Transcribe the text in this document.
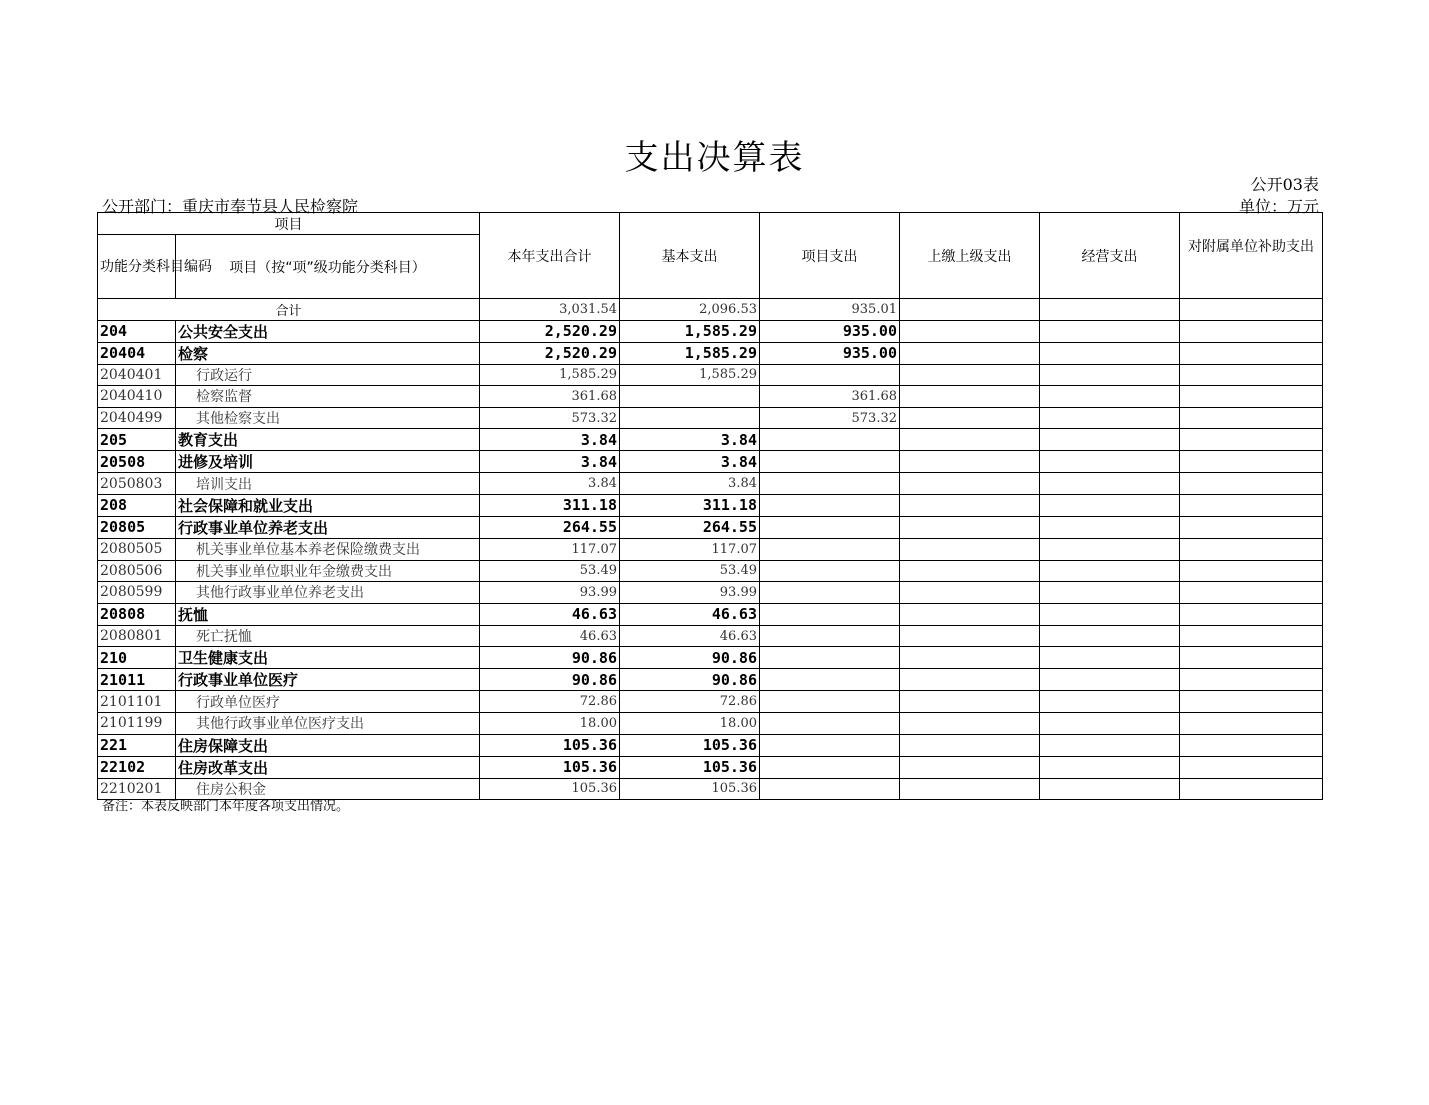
支出决算表
公开03表
公开部门：重庆市奉节县人民检察院	单位：万元
项目		本年支出合计	基本支出	项目支出	上缴上级支出	经营支出	对附属单位补助支出
功能分类科目编码	项目（按“项”级功能分类科目）						
合计		3,031.54	2,096.53	935.01			
204	公共安全支出	2,520.29	1,585.29	935.00			
20404	检察	2,520.29	1,585.29	935.00			
2040401	行政运行	1,585.29	1,585.29				
2040410	检察监督	361.68		361.68			
2040499	其他检察支出	573.32		573.32			
205	教育支出	3.84	3.84				
20508	进修及培训	3.84	3.84				
2050803	培训支出	3.84	3.84				
208	社会保障和就业支出	311.18	311.18				
20805	行政事业单位养老支出	264.55	264.55				
2080505	机关事业单位基本养老保险缴费支出	117.07	117.07				
2080506	机关事业单位职业年金缴费支出	53.49	53.49				
2080599	其他行政事业单位养老支出	93.99	93.99				
20808	抚恤	46.63	46.63				
2080801	死亡抚恤	46.63	46.63				
210	卫生健康支出	90.86	90.86				
21011	行政事业单位医疗	90.86	90.86				
2101101	行政单位医疗	72.86	72.86				
2101199	其他行政事业单位医疗支出	18.00	18.00				
221	住房保障支出	105.36	105.36				
22102	住房改革支出	105.36	105.36				
2210201	住房公积金	105.36	105.36				
备注：本表反映部门本年度各项支出情况。
